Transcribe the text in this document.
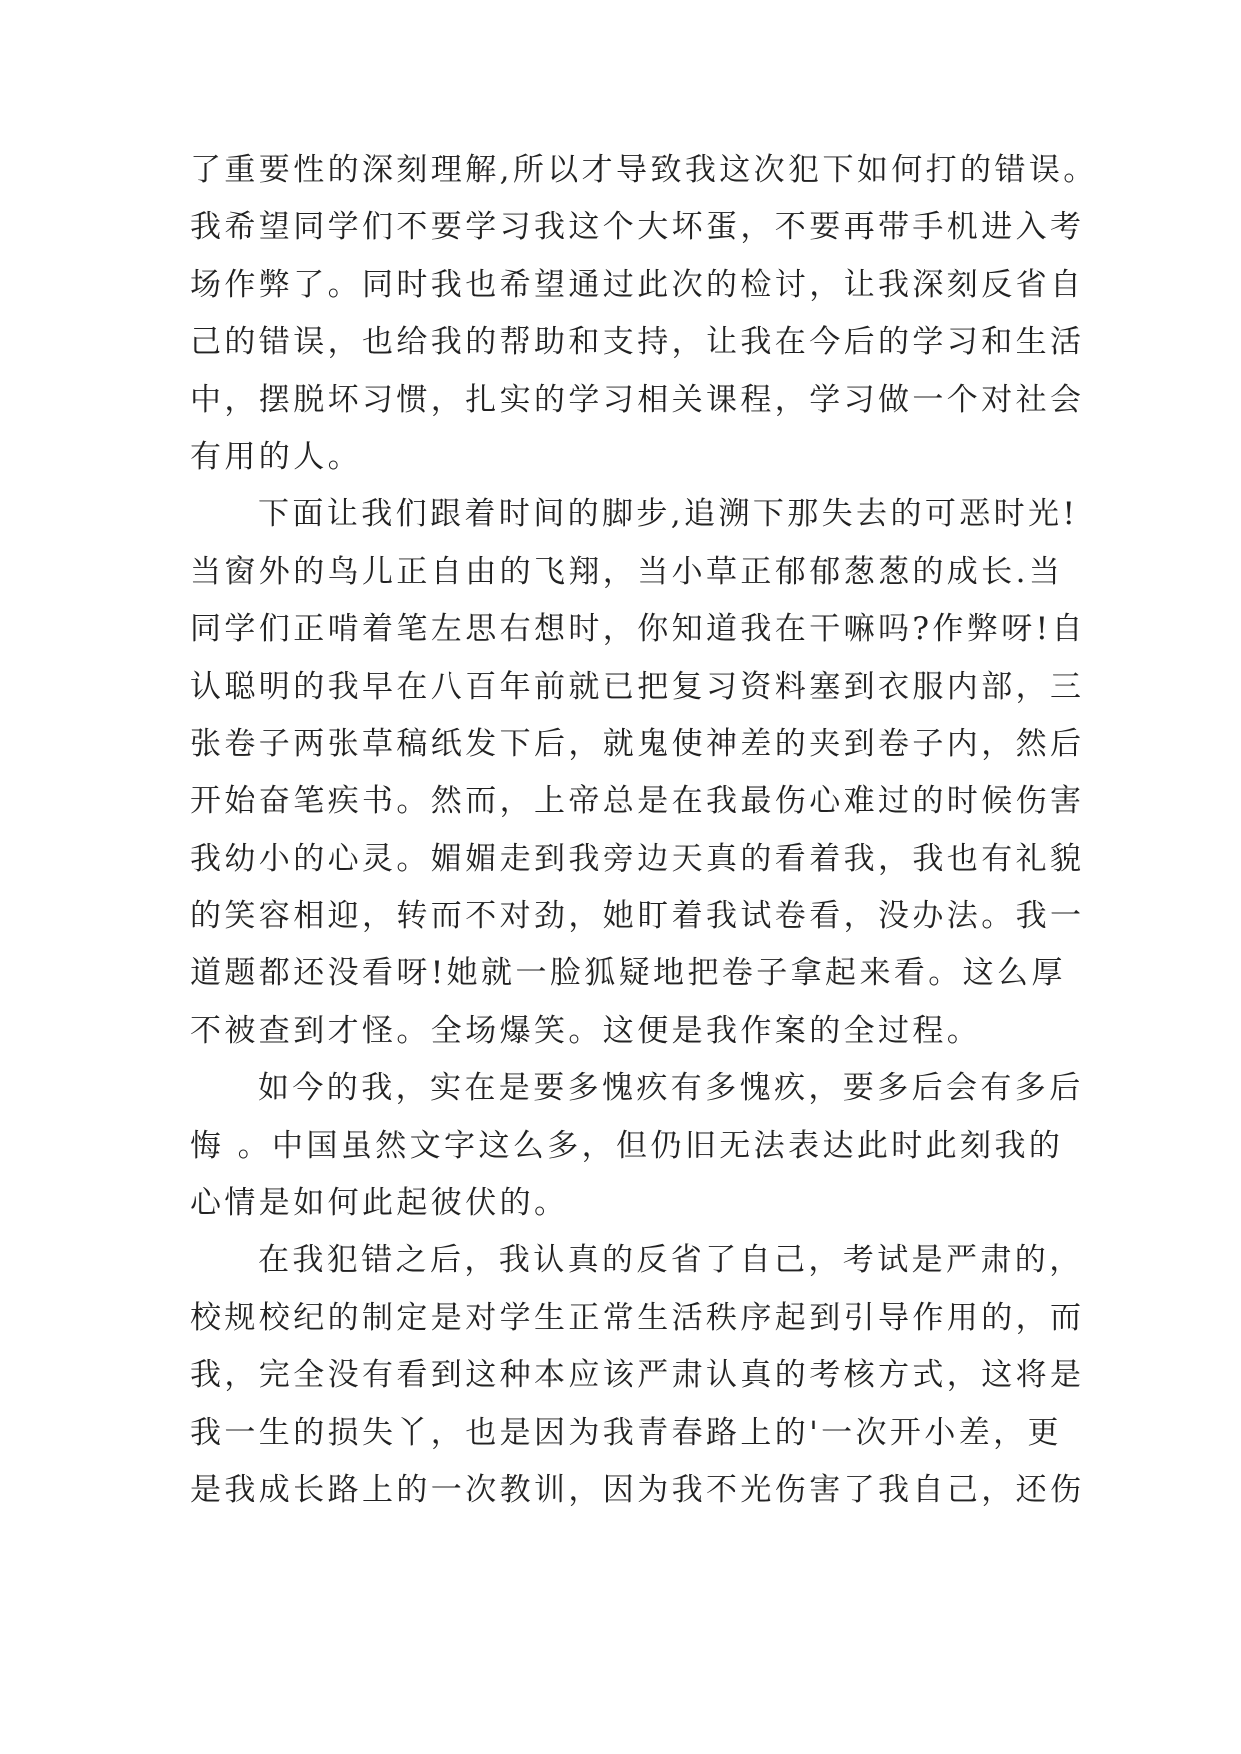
了重要性的深刻理解,所以才导致我这次犯下如何打的错误。
我希望同学们不要学习我这个大坏蛋，不要再带手机进入考
场作弊了。同时我也希望通过此次的检讨，让我深刻反省自
己的错误，也给我的帮助和支持，让我在今后的学习和生活
中，摆脱坏习惯，扎实的学习相关课程，学习做一个对社会
有用的人。
下面让我们跟着时间的脚步,追溯下那失去的可恶时光!
当窗外的鸟儿正自由的飞翔，当小草正郁郁葱葱的成长.当
同学们正啃着笔左思右想时，你知道我在干嘛吗?作弊呀!自
认聪明的我早在八百年前就已把复习资料塞到衣服内部，三
张卷子两张草稿纸发下后，就鬼使神差的夹到卷子内，然后
开始奋笔疾书。然而，上帝总是在我最伤心难过的时候伤害
我幼小的心灵。媚媚走到我旁边天真的看着我，我也有礼貌
的笑容相迎，转而不对劲，她盯着我试卷看，没办法。我一
道题都还没看呀!她就一脸狐疑地把卷子拿起来看。这么厚
不被查到才怪。全场爆笑。这便是我作案的全过程。
如今的我，实在是要多愧疚有多愧疚，要多后会有多后
悔 。中国虽然文字这么多，但仍旧无法表达此时此刻我的
心情是如何此起彼伏的。
在我犯错之后，我认真的反省了自己，考试是严肃的，
校规校纪的制定是对学生正常生活秩序起到引导作用的，而
我，完全没有看到这种本应该严肃认真的考核方式，这将是
我一生的损失丫，也是因为我青春路上的'一次开小差，更
是我成长路上的一次教训，因为我不光伤害了我自己，还伤
